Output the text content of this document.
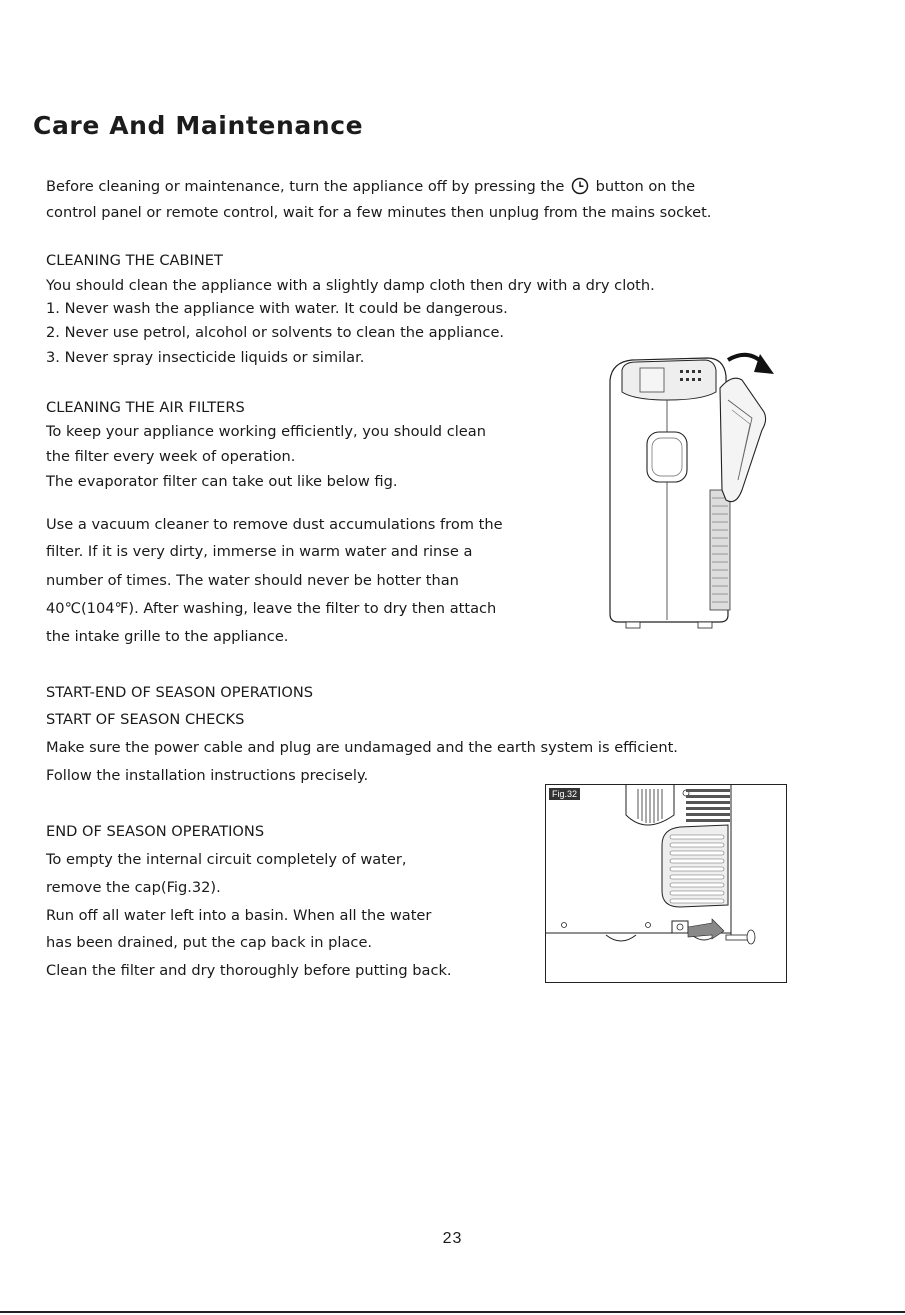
Care And Maintenance

Before cleaning or maintenance, turn the appliance off by pressing the button on the

control panel or remote control, wait for a few minutes then unplug from the mains socket.

CLEANING THE CABINET

You should clean the appliance with a slightly damp cloth then dry with a dry cloth.

1. Never wash the appliance with water. It could be dangerous.

2. Never use petrol, alcohol or solvents to clean the appliance.

3. Never spray insecticide liquids or similar.

CLEANING THE AIR FILTERS

To keep your appliance working efficiently, you should clean

the filter every week of operation.

The evaporator filter can take out like below fig.

Use a vacuum cleaner to remove dust accumulations from the

filter. If it is very dirty, immerse in warm water and rinse a

number of times. The water should never be hotter than

40℃(104℉). After washing, leave the filter to dry then attach

the intake grille to the appliance.

START-END OF SEASON OPERATIONS

START OF SEASON CHECKS

Make sure the power cable and plug are undamaged and the earth system is efficient.

Follow the installation instructions precisely.

END OF SEASON OPERATIONS

To empty the internal circuit completely of water,

remove the cap(Fig.32).

Run off all water left into a basin. When all the water

has been drained, put the cap back in place.

Clean the filter and dry thoroughly before putting back.

Fig.32
23
